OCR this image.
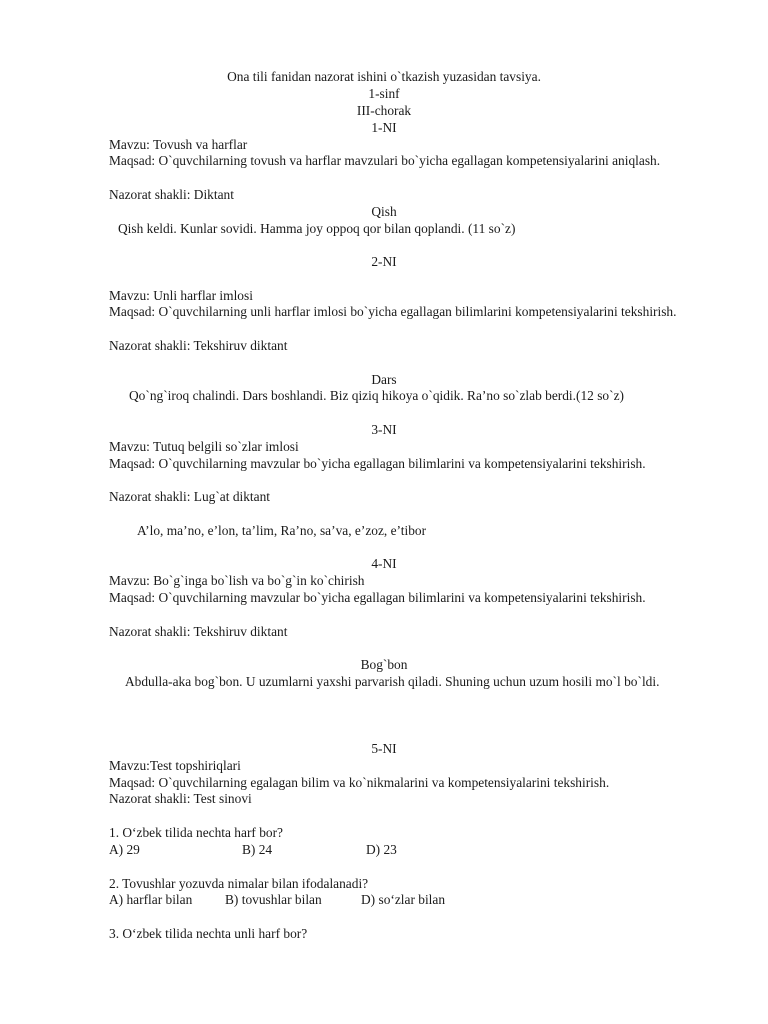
Ona tili fanidan nazorat ishini o`tkazish yuzasidan tavsiya.
1-sinf
III-chorak
1-NI
Mavzu: Tovush va harflar
Maqsad: O`quvchilarning tovush va harflar mavzulari bo`yicha egallagan kompetensiyalarini aniqlash.
Nazorat shakli: Diktant
Qish
Qish keldi. Kunlar sovidi. Hamma joy oppoq qor bilan qoplandi. (11 so`z)
2-NI
Mavzu: Unli harflar imlosi
Maqsad: O`quvchilarning unli harflar imlosi bo`yicha egallagan bilimlarini kompetensiyalarini tekshirish.
Nazorat shakli: Tekshiruv diktant
Dars
Qo`ng`iroq chalindi. Dars boshlandi. Biz qiziq hikoya o`qidik. Ra’no so`zlab berdi.(12 so`z)
3-NI
Mavzu: Tutuq belgili so`zlar imlosi
Maqsad: O`quvchilarning mavzular bo`yicha egallagan bilimlarini va kompetensiyalarini tekshirish.
Nazorat shakli: Lug`at diktant
A’lo, ma’no, e’lon, ta’lim, Ra’no, sa’va, e’zoz, e’tibor
4-NI
Mavzu: Bo`g`inga bo`lish va bo`g`in ko`chirish
Maqsad: O`quvchilarning mavzular bo`yicha egallagan bilimlarini va kompetensiyalarini tekshirish.
Nazorat shakli: Tekshiruv diktant
Bog`bon
Abdulla-aka bog`bon. U uzumlarni yaxshi parvarish qiladi. Shuning uchun uzum hosili mo`l bo`ldi.
5-NI
Mavzu:Test topshiriqlari
Maqsad: O`quvchilarning egalagan bilim va ko`nikmalarini va kompetensiyalarini tekshirish.
Nazorat shakli: Test sinovi
1. O‘zbek tilida nechta harf bor?
A) 29	B) 24	D) 23
2. Tovushlar yozuvda nimalar bilan ifodalanadi?
A) harflar bilan B) tovushlar bilan	D) so‘zlar bilan
3. O‘zbek tilida nechta unli harf bor?
